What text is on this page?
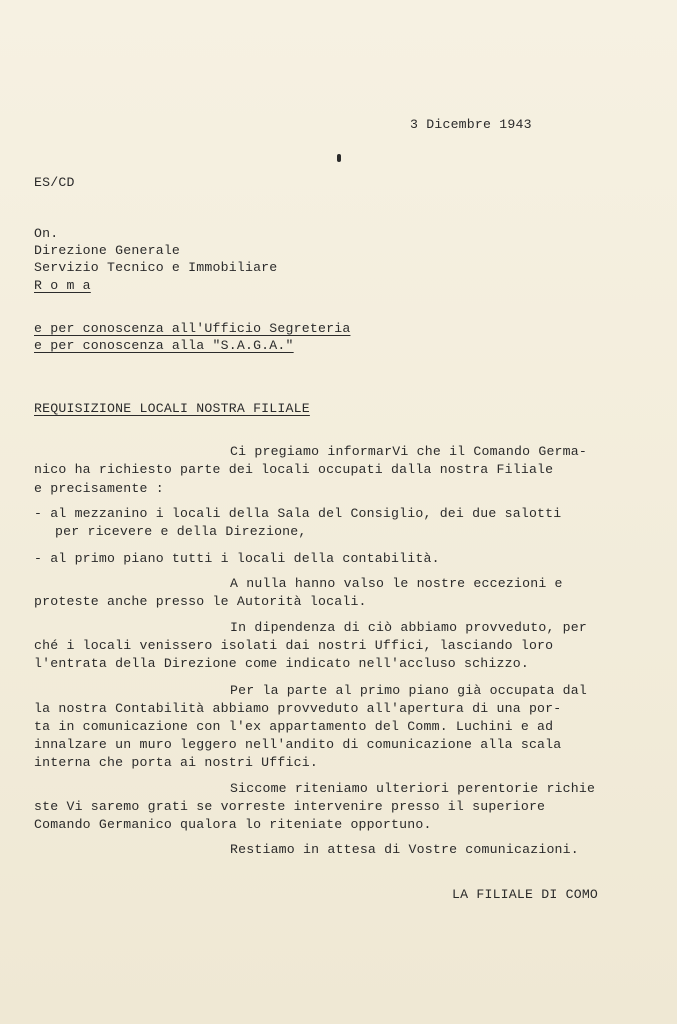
3 Dicembre 1943
ES/CD
On.
Direzione Generale
Servizio Tecnico e Immobiliare
R o m a
e per conoscenza all'Ufficio Segreteria
e per conoscenza alla "S.A.G.A."
REQUISIZIONE LOCALI NOSTRA FILIALE
Ci pregiamo informarVi che il Comando Germa-
nico ha richiesto parte dei locali occupati dalla nostra Filiale
e precisamente :
- al mezzanino i locali della Sala del Consiglio, dei due salotti
per ricevere e della Direzione,
- al primo piano tutti i locali della contabilità.
A nulla hanno valso le nostre eccezioni e
proteste anche presso le Autorità locali.
In dipendenza di ciò abbiamo provveduto, per
ché i locali venissero isolati dai nostri Uffici, lasciando loro
l'entrata della Direzione come indicato nell'accluso schizzo.
Per la parte al primo piano già occupata dal
la nostra Contabilità abbiamo provveduto all'apertura di una por-
ta in comunicazione con l'ex appartamento del Comm. Luchini e ad
innalzare un muro leggero nell'andito di comunicazione alla scala
interna che porta ai nostri Uffici.
Siccome riteniamo ulteriori perentorie richie
ste Vi saremo grati se vorreste intervenire presso il superiore
Comando Germanico qualora lo riteniate opportuno.
Restiamo in attesa di Vostre comunicazioni.
LA FILIALE DI COMO
